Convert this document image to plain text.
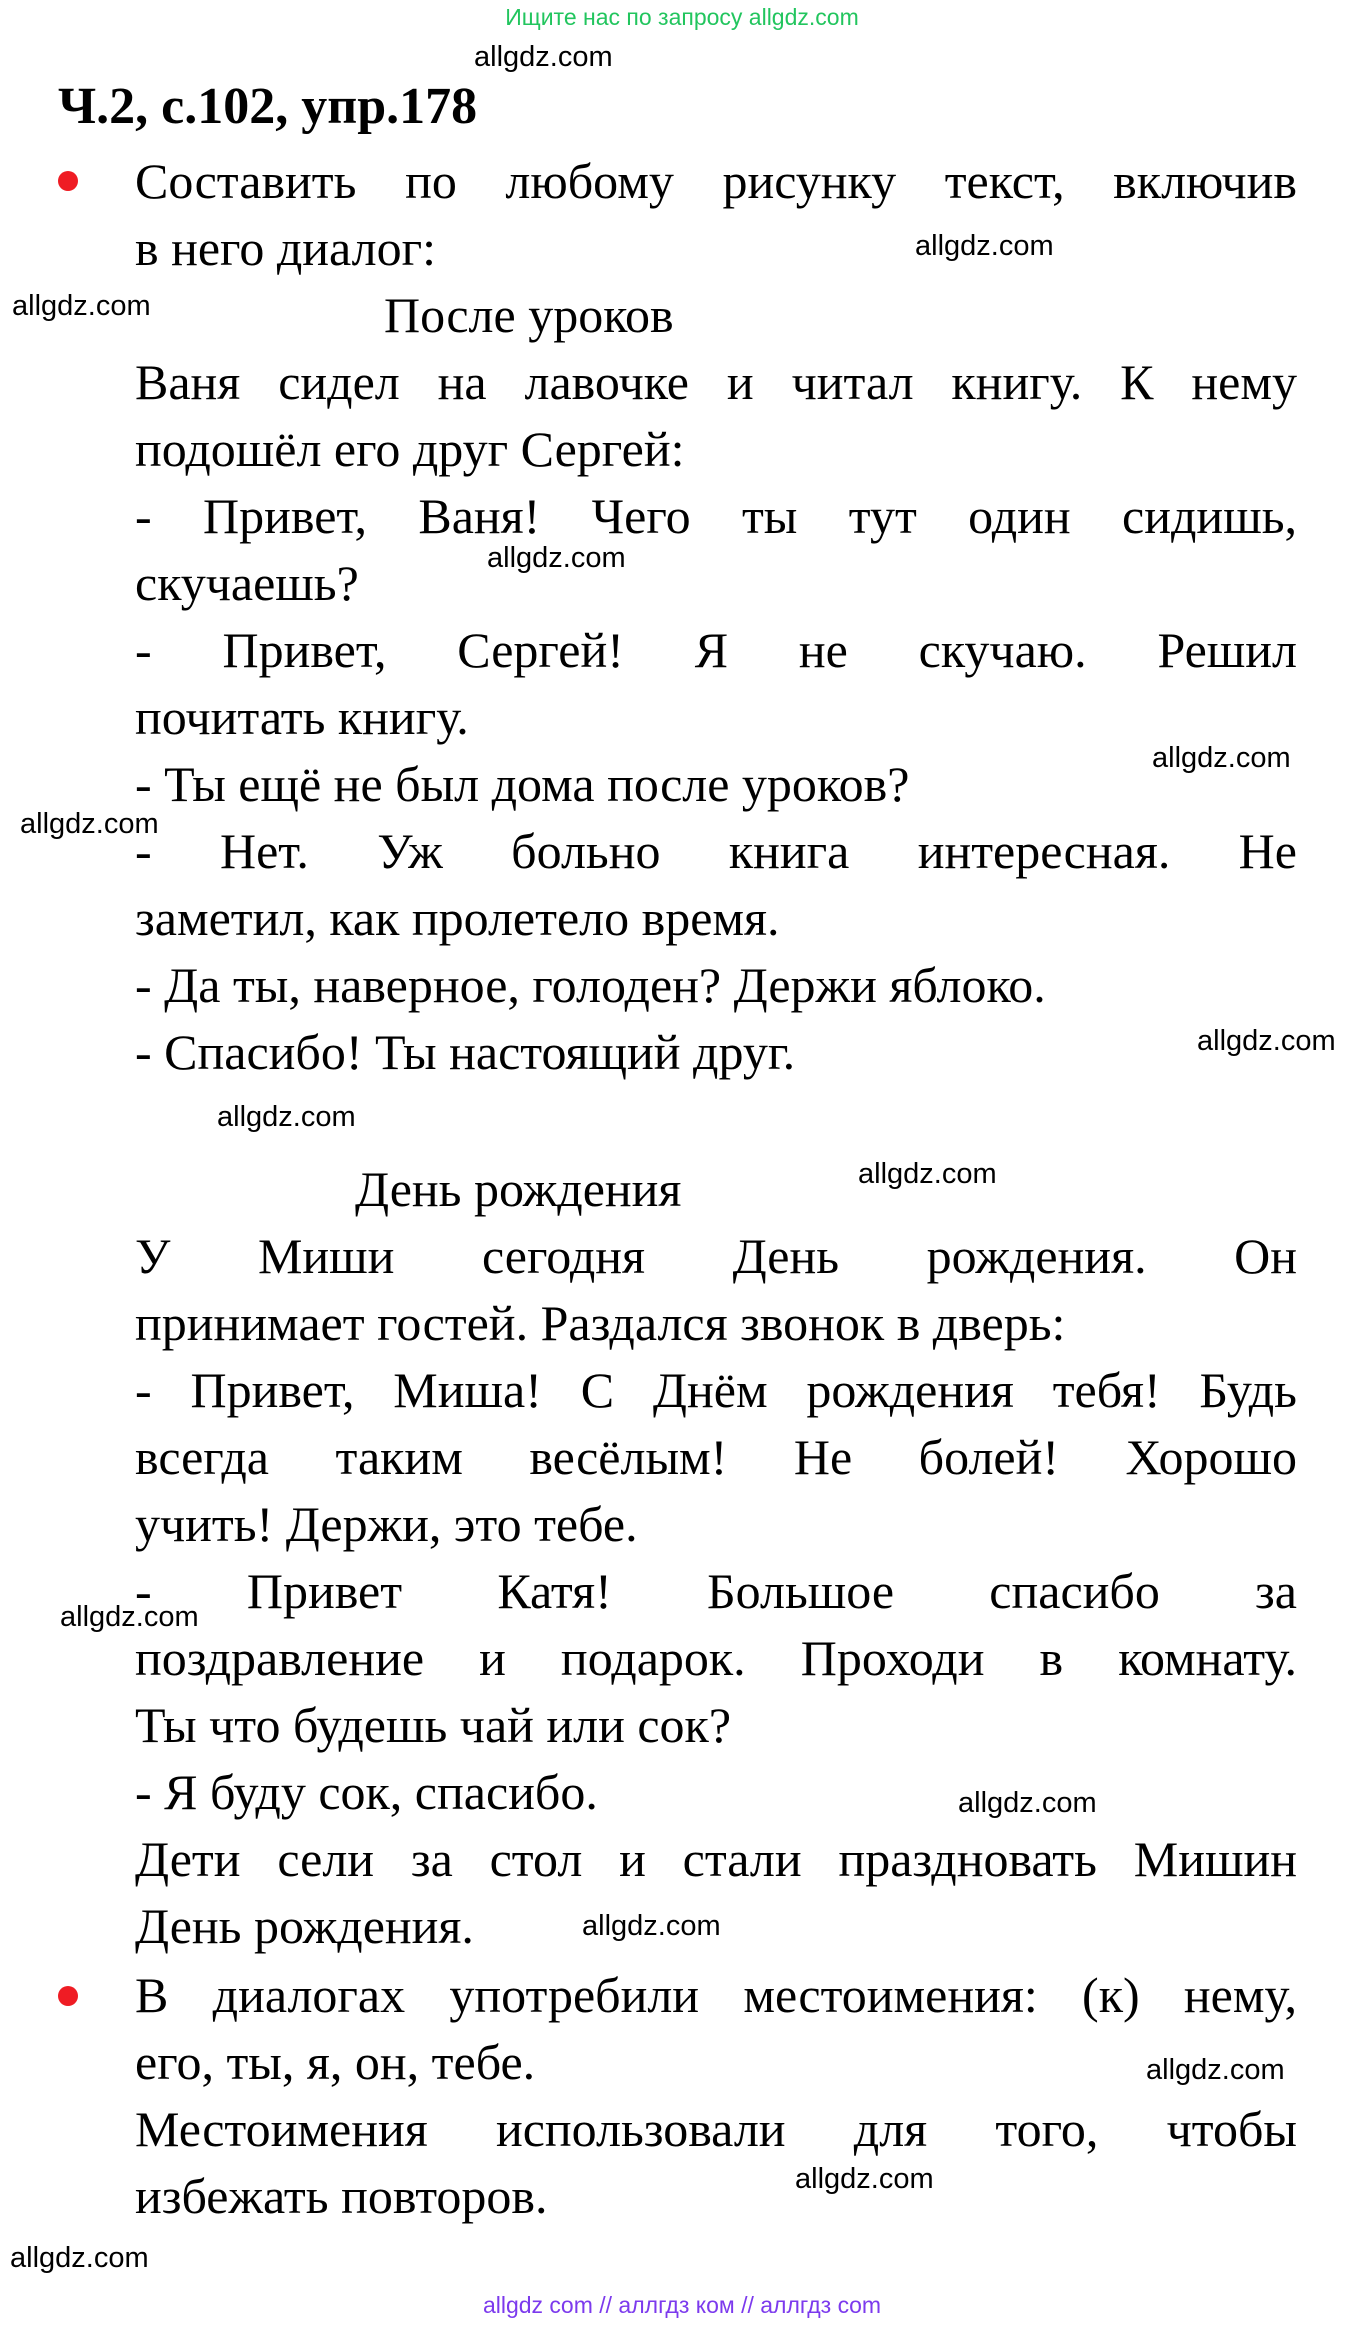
Ищите нас по запросу allgdz.com
allgdz.com
Ч.2, с.102, упр.178
Составить по любому рисунку текст, включив
в него диалог:	allgdz.com
allgdz.com	После уроков
Ваня сидел на лавочке и читал книгу. К нему
подошёл его друг Сергей:
- Привет, Ваня! Чего ты тут один сидишь,
скучаешь?
- Привет, Сергей! Я не скучаю. Решил
почитать книгу.
- Ты ещё не был дома после уроков?
- Нет. Уж больно книга интересная. Не
заметил, как пролетело время.
- Да ты, наверное, голоден? Держи яблоко.
- Спасибо! Ты настоящий друг.
allgdz.com
allgdz.com
allgdz.com
allgdz.com
allgdz.com
День рождения	allgdz.com
У Миши сегодня День рождения. Он
принимает гостей. Раздался звонок в дверь:
- Привет, Миша! С Днём рождения тебя! Будь
всегда таким весёлым! Не болей! Хорошо
учить! Держи, это тебе.
- Привет Катя! Большое спасибо за
поздравление и подарок. Проходи в комнату.
Ты что будешь чай или сок?
- Я буду сок, спасибо.
Дети сели за стол и стали праздновать Мишин
День рождения.
allgdz.com
allgdz.com
allgdz.com
В диалогах употребили местоимения: (к) нему,
его, ты, я, он, тебе.
Местоимения использовали для того, чтобы
избежать повторов.
allgdz.com
allgdz.com
allgdz.com
allgdz com // аллгдз ком // аллгдз com
